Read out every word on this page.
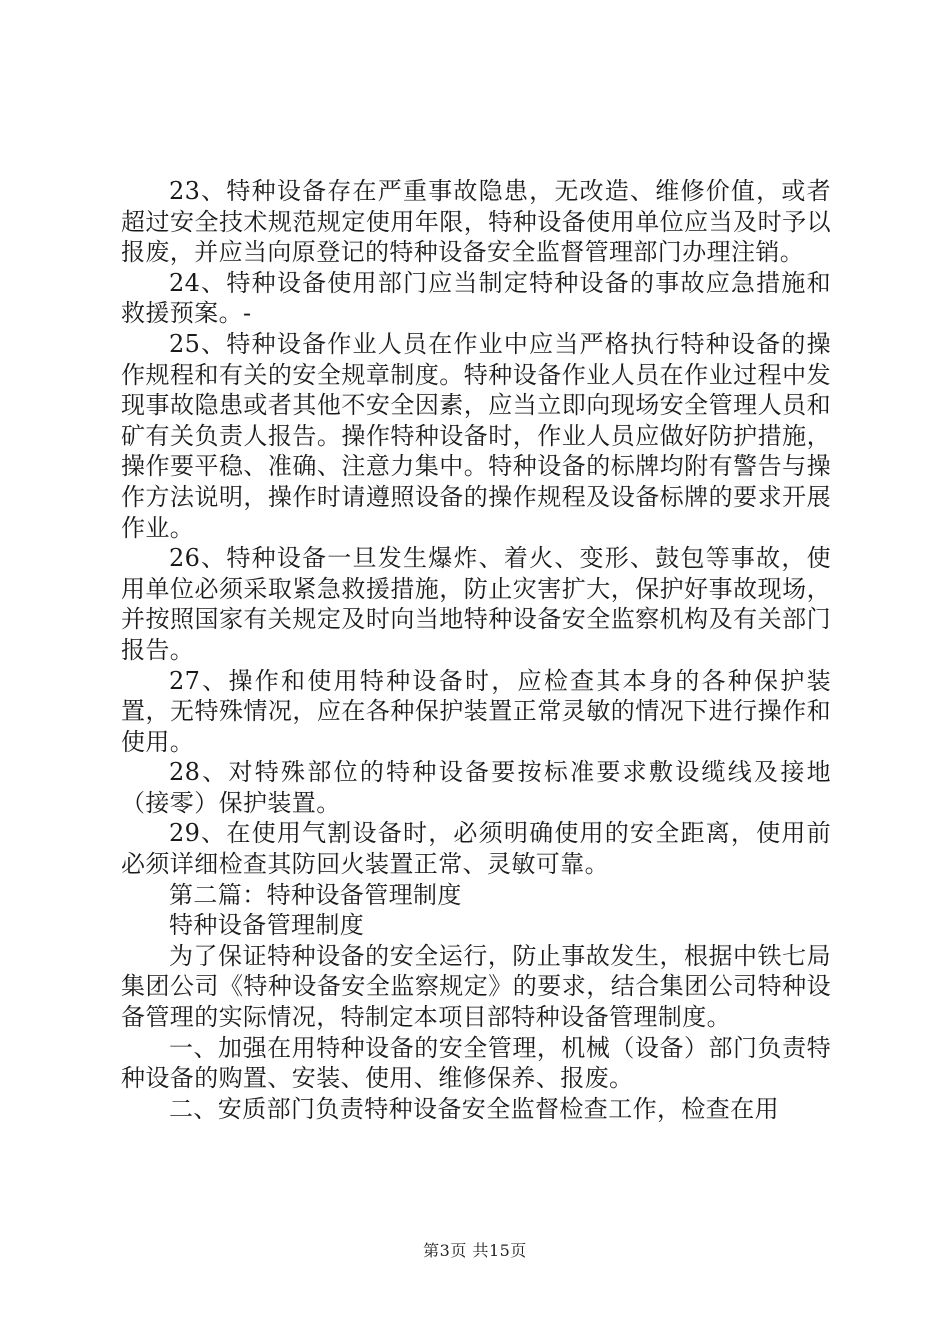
23、特种设备存在严重事故隐患，无改造、维修价值，或者超过安全技术规范规定使用年限，特种设备使用单位应当及时予以报废，并应当向原登记的特种设备安全监督管理部门办理注销。

24、特种设备使用部门应当制定特种设备的事故应急措施和救援预案。-

25、特种设备作业人员在作业中应当严格执行特种设备的操作规程和有关的安全规章制度。特种设备作业人员在作业过程中发现事故隐患或者其他不安全因素，应当立即向现场安全管理人员和矿有关负责人报告。操作特种设备时，作业人员应做好防护措施，操作要平稳、准确、注意力集中。特种设备的标牌均附有警告与操作方法说明，操作时请遵照设备的操作规程及设备标牌的要求开展作业。

26、特种设备一旦发生爆炸、着火、变形、鼓包等事故，使用单位必须采取紧急救援措施，防止灾害扩大，保护好事故现场，并按照国家有关规定及时向当地特种设备安全监察机构及有关部门报告。

27、操作和使用特种设备时，应检查其本身的各种保护装置，无特殊情况，应在各种保护装置正常灵敏的情况下进行操作和使用。

28、对特殊部位的特种设备要按标准要求敷设缆线及接地（接零）保护装置。

29、在使用气割设备时，必须明确使用的安全距离，使用前必须详细检查其防回火装置正常、灵敏可靠。

第二篇：特种设备管理制度

特种设备管理制度

为了保证特种设备的安全运行，防止事故发生，根据中铁七局集团公司《特种设备安全监察规定》的要求，结合集团公司特种设备管理的实际情况，特制定本项目部特种设备管理制度。

一、加强在用特种设备的安全管理，机械（设备）部门负责特种设备的购置、安装、使用、维修保养、报废。

二、安质部门负责特种设备安全监督检查工作，检查在用

第3页 共15页
